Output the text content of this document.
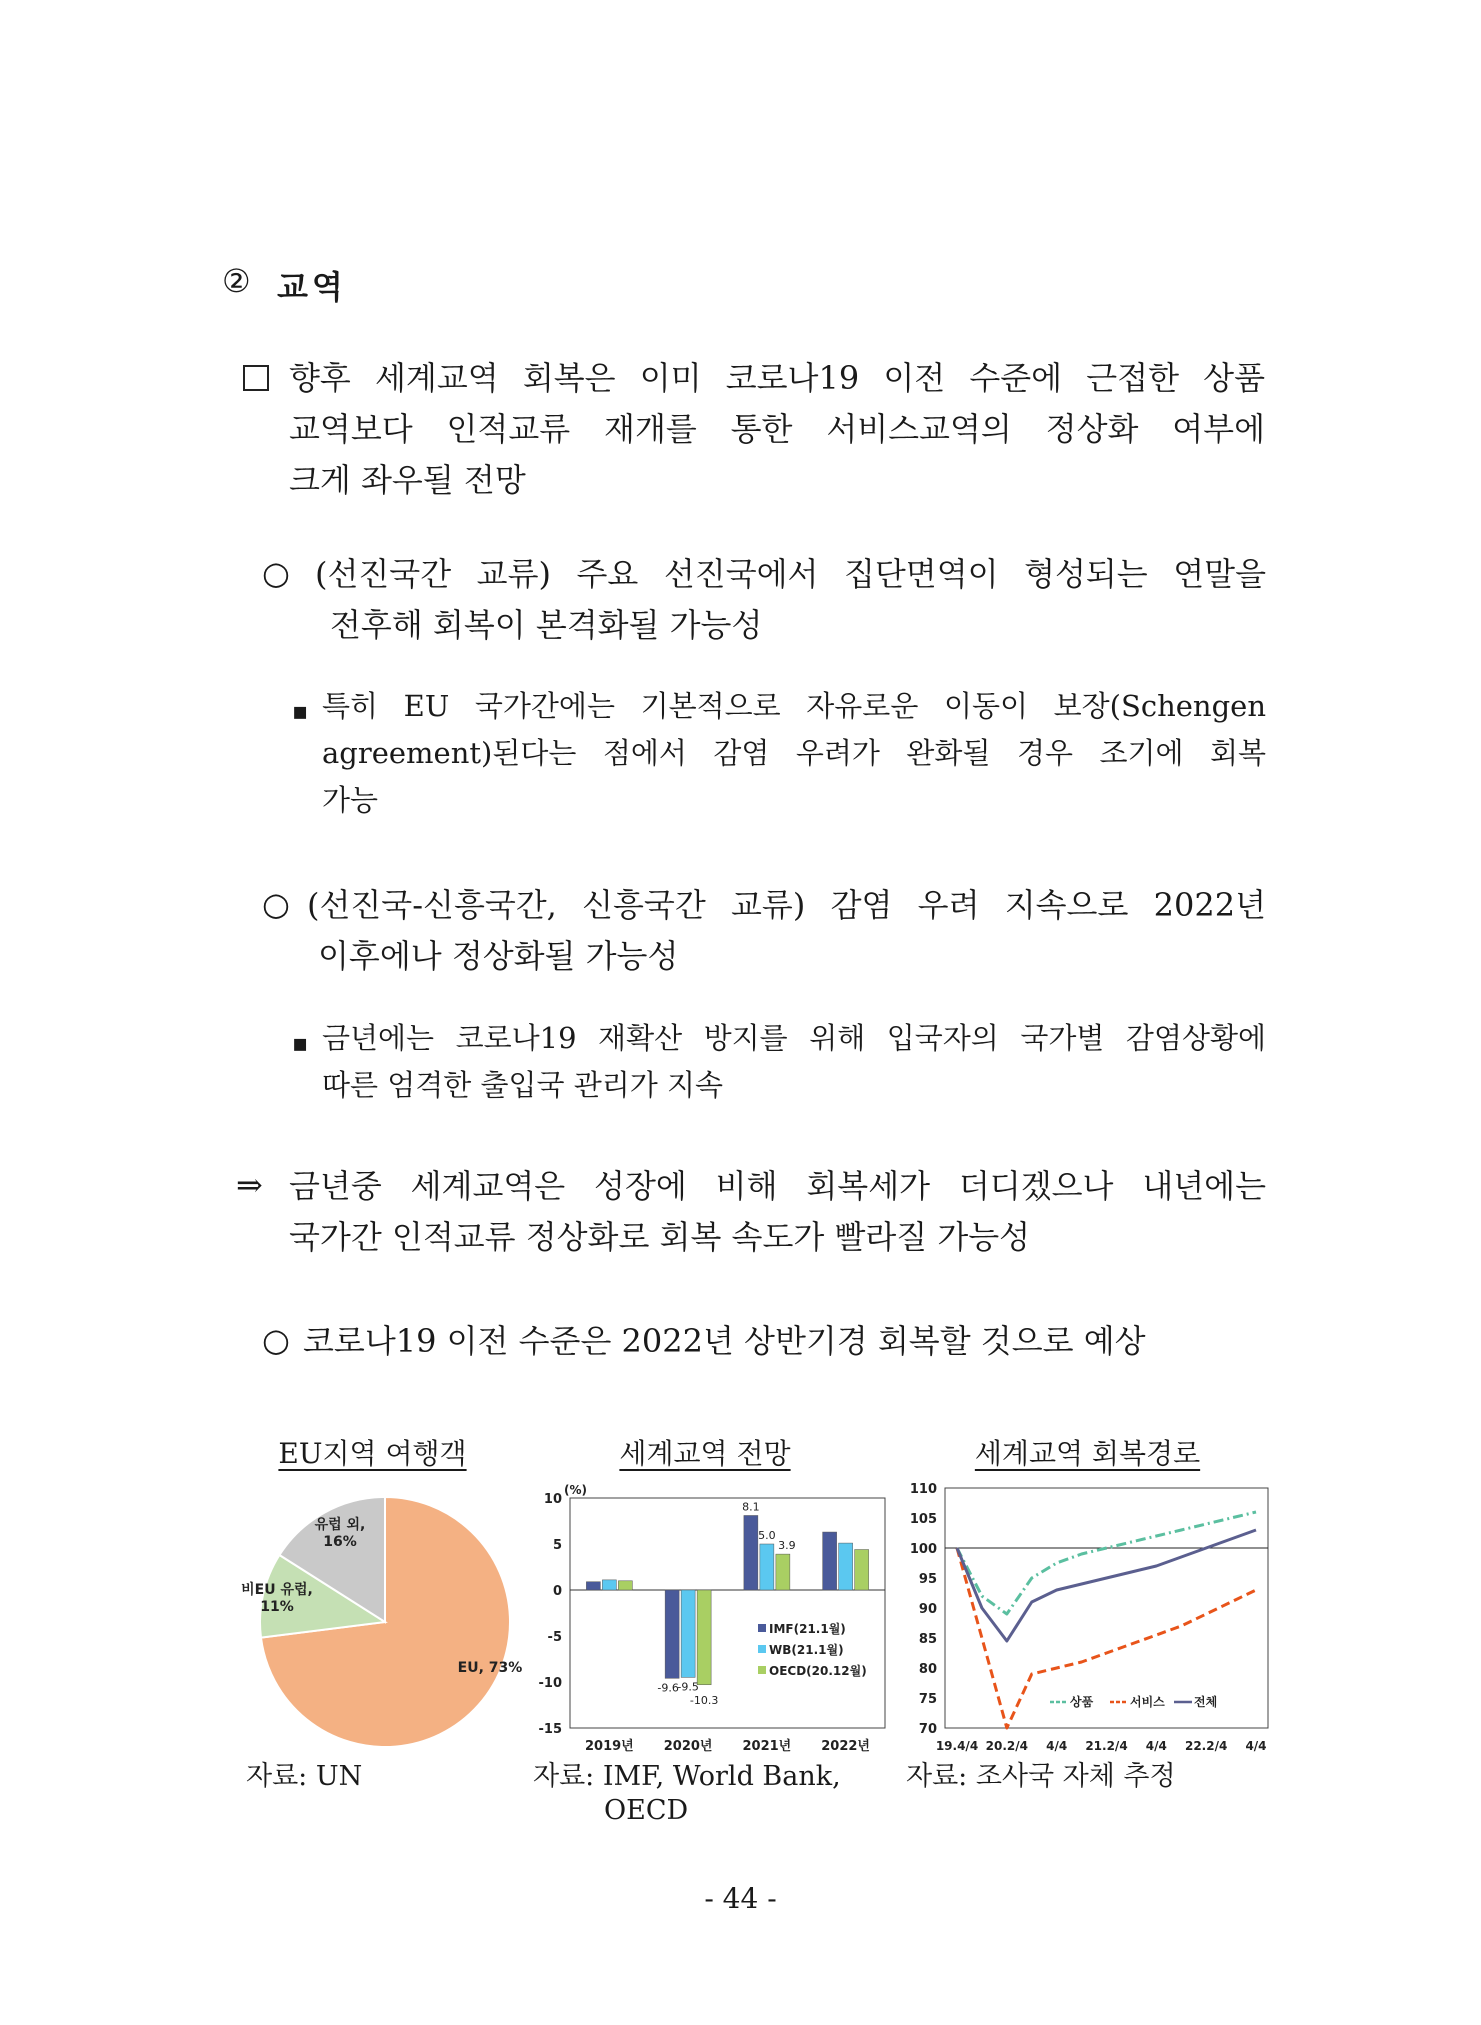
② 교역

향후 세계교역 회복은 이미 코로나19 이전 수준에 근접한 상품

교역보다 인적교류 재개를 통한 서비스교역의 정상화 여부에

크게 좌우될 전망

○ (선진국간 교류) 주요 선진국에서 집단면역이 형성되는 연말을

전후해 회복이 본격화될 가능성

▪ 특히 EU 국가간에는 기본적으로 자유로운 이동이 보장(Schengen

agreement)된다는 점에서 감염 우려가 완화될 경우 조기에 회복

가능

○ (선진국-신흥국간, 신흥국간 교류) 감염 우려 지속으로 2022년

이후에나 정상화될 가능성

▪ 금년에는 코로나19 재확산 방지를 위해 입국자의 국가별 감염상황에

따른 엄격한 출입국 관리가 지속

⇒ 금년중 세계교역은 성장에 비해 회복세가 더디겠으나 내년에는

국가간 인적교류 정상화로 회복 속도가 빨라질 가능성

○ 코로나19 이전 수준은 2022년 상반기경 회복할 것으로 예상

EU지역 여행객	세계교역 전망	세계교역 회복경로
EU, 73%
비EU 유럽,
11%
유럽 외,
16%
10
5
0
-5
-10
-15
(%)
2019년 2020년
-9.6
-9.5
-10.3
2021년
8.1
5.0
3.9
2022년
IMF(21.1월)
WB(21.1월)
OECD(20.12월)
110
105
100
95
90
85
80
75
70
19.4/4 20.2/4 4/4 21.2/4 4/4 22.2/4 4/4
상품	서비스 전체
자료: UN	자료: IMF, World Bank,
OECD
자료: 조사국 자체 추정
- 44 -
